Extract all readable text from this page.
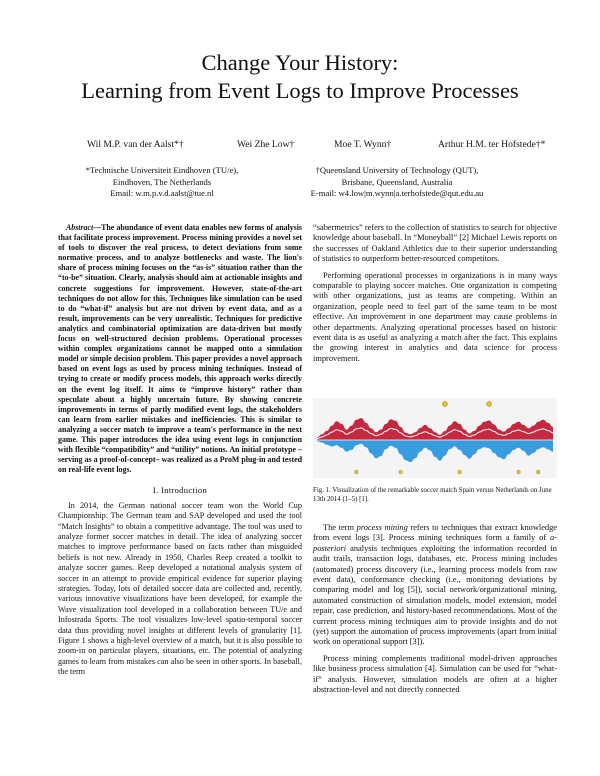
Change Your History:
Learning from Event Logs to Improve Processes
Wil M.P. van der Aalst*†	Wei Zhe Low†	Moe T. Wynn†	Arthur H.M. ter Hofstede†*
*Technische Universiteit Eindhoven (TU/e),
Eindhoven, The Netherlands
Email: w.m.p.v.d.aalst@tue.nl
†Queensland University of Technology (QUT),
Brisbane, Queensland, Australia
E-mail: w4.low|m.wynn|a.terhofstede@qut.edu.au

Abstract—The abundance of event data enables new forms of analysis that facilitate process improvement. Process mining provides a novel set of tools to discover the real process, to detect deviations from some normative process, and to analyze bottlenecks and waste. The lion's share of process mining focuses on the “as-is” situation rather than the “to-be” situation. Clearly, analysis should aim at actionable insights and concrete suggestions for improvement. However, state-of-the-art techniques do not allow for this. Techniques like simulation can be used to do “what-if” analysis but are not driven by event data, and as a result, improvements can be very unrealistic. Techniques for predictive analytics and combinatorial optimization are data-driven but mostly focus on well-structured decision problems. Operational processes within complex organizations cannot be mapped onto a simulation model or simple decision problem. This paper provides a novel approach based on event logs as used by process mining techniques. Instead of trying to create or modify process models, this approach works directly on the event log itself. It aims to “improve history” rather than speculate about a highly uncertain future. By showing concrete improvements in terms of partly modified event logs, the stakeholders can learn from earlier mistakes and inefficiencies. This is similar to analyzing a soccer match to improve a team's performance in the next game. This paper introduces the idea using event logs in conjunction with flexible “compatibility” and “utility” notions. An initial prototype –serving as a proof-of-concept– was realized as a ProM plug-in and tested on real-life event logs.

I. Introduction

In 2014, the German national soccer team won the World Cup Championship. The German team and SAP developed and used the tool “Match Insights” to obtain a competitive advantage. The tool was used to analyze former soccer matches in detail. The idea of analyzing soccer matches to improve performance based on facts rather than misguided beliefs is not new. Already in 1950, Charles Reep created a toolkit to analyze soccer games. Reep developed a notational analysis system of soccer in an attempt to provide empirical evidence for superior playing strategies. Today, lots of detailed soccer data are collected and, recently, various innovative visualizations have been developed, for example the Wave visualization tool developed in a collaboration between TU/e and Infostrada Sports. The tool visualizes low-level spatio-temporal soccer data thus providing novel insights at different levels of granularity [1]. Figure 1 shows a high-level overview of a match, but it is also possible to zoom-in on particular players, situations, etc. The potential of analyzing games to learn from mistakes can also be seen in other sports. In baseball, the term

“sabermetrics” refers to the collection of statistics to search for objective knowledge about baseball. In “Moneyball” [2] Michael Lewis reports on the successes of Oakland Athletics due to their superior understanding of statistics to outperform better-resourced competitors.

Performing operational processes in organizations is in many ways comparable to playing soccer matches. One organization is competing with other organizations, just as teams are competing. Within an organization, people need to feel part of the same team to be most effective. An improvement in one department may cause problems in other departments. Analyzing operational processes based on historic event data is as useful as analyzing a match after the fact. This explains the growing interest in analytics and data science for process improvement.

Fig. 1. Visualization of the remarkable soccer match Spain versus Netherlands on June 13th 2014 (1–5) [1].

The term process mining refers to techniques that extract knowledge from event logs [3]. Process mining techniques form a family of a-posteriori analysis techniques exploiting the information recorded in audit trails, transaction logs, databases, etc. Process mining includes (automated) process discovery (i.e., learning process models from raw event data), conformance checking (i.e., monitoring deviations by comparing model and log [5]), social network/organizational mining, automated construction of simulation models, model extension, model repair, case prediction, and history-based recommendations. Most of the current process mining techniques aim to provide insights and do not (yet) support the automation of process improvements (apart from initial work on operational support [3]).

Process mining complements traditional model-driven approaches like business process simulation [4]. Simulation can be used for “what-if” analysis. However, simulation models are often at a higher abstraction-level and not directly connected
